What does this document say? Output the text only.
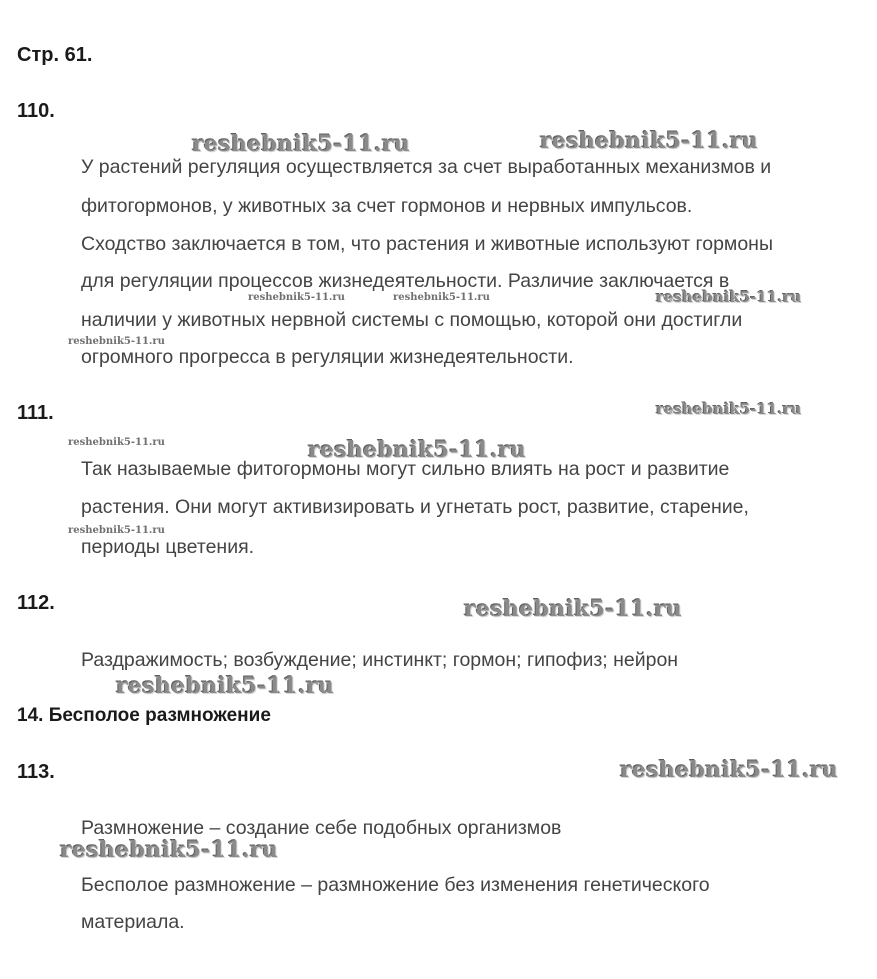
Стр. 61.
110.
У растений регуляция осуществляется за счет выработанных механизмов и
фитогормонов, у животных за счет гормонов и нервных импульсов.
Сходство заключается в том, что растения и животные используют гормоны
для регуляции процессов жизнедеятельности. Различие заключается в
наличии у животных нервной системы с помощью, которой они достигли
огромного прогресса в регуляции жизнедеятельности.
111.
Так называемые фитогормоны могут сильно влиять на рост и развитие
растения. Они могут активизировать и угнетать рост, развитие, старение,
периоды цветения.
112.
Раздражимость; возбуждение; инстинкт; гормон; гипофиз; нейрон
14. Бесполое размножение
113.
Размножение – создание себе подобных организмов
Бесполое размножение – размножение без изменения генетического
материала.
reshebnik5-11.ru	reshebnik5-11.ru
reshebnik5-11.ru	reshebnik5-11.ru	reshebnik5-11.ru
reshebnik5-11.ru
reshebnik5-11.ru
reshebnik5-11.ru	reshebnik5-11.ru
reshebnik5-11.ru
reshebnik5-11.ru
reshebnik5-11.ru
reshebnik5-11.ru
reshebnik5-11.ru
